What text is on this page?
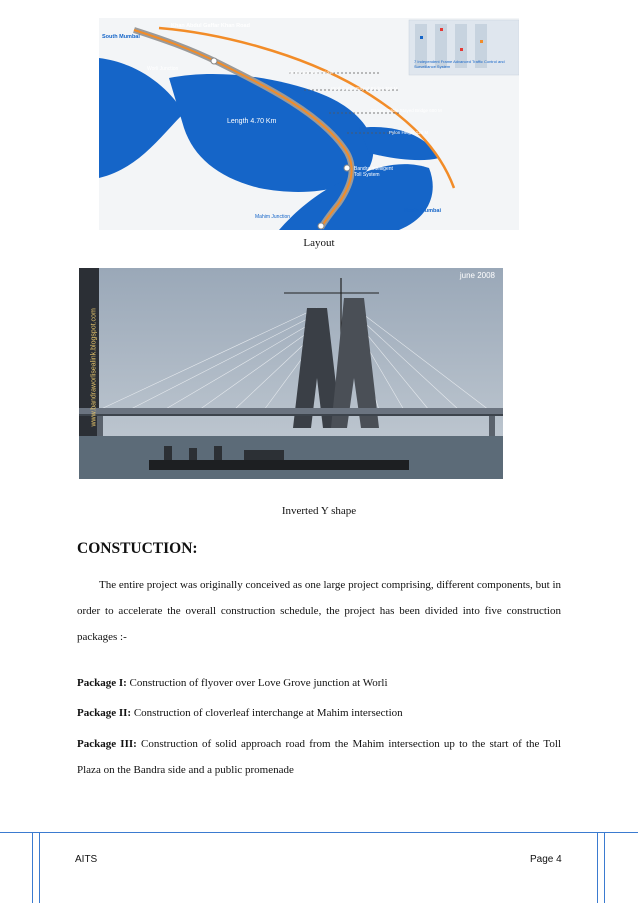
South Mumbai
Khan Abdul Gaffar Khan Road
Worli Junction
Worli Approach Bridge
Worli Cable Stayed Bridge 350 M
Bandra Cable Stayed Bridge 600 M
Pylon Height 126 M
Length 4.70 Km
Bandra Intelligent Toll System
Mahim Junction
North Mumbai
7 Independent Frame Advanced Traffic Control and Surveillance System
Layout
june 2008
www.bandraworlisealink.blogspot.com
Inverted Y shape
CONSTUCTION:
The entire project was originally conceived as one large project comprising, different components, but in order to accelerate the overall construction schedule, the project has been divided into five construction packages :-
Package I: Construction of flyover over Love Grove junction at Worli
Package II: Construction of cloverleaf interchange at Mahim intersection
Package III: Construction of solid approach road from the Mahim intersection up to the start of the Toll Plaza on the Bandra side and a public promenade
AITS	Page 4
